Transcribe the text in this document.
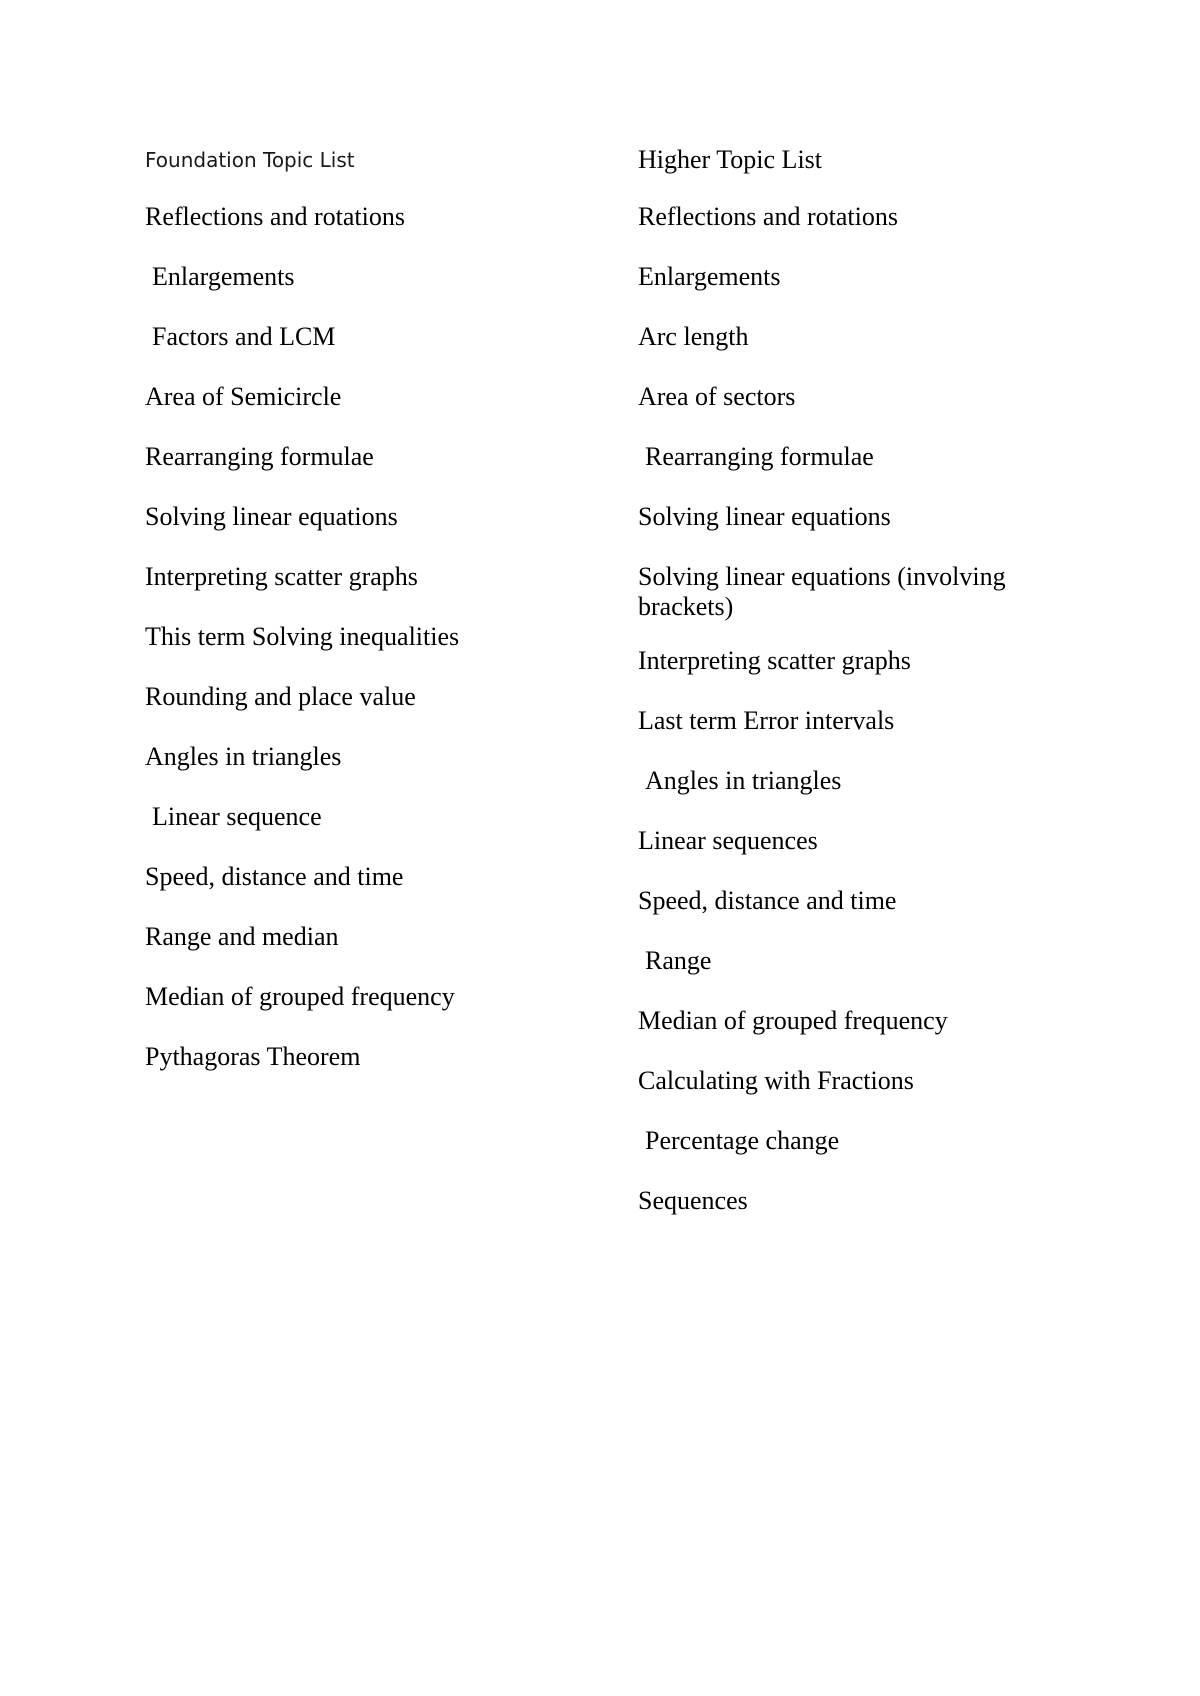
Foundation Topic List
Reflections and rotations
Enlargements
Factors and LCM
Area of Semicircle
Rearranging formulae
Solving linear equations
Interpreting scatter graphs
This term Solving inequalities
Rounding and place value
Angles in triangles
Linear sequence
Speed, distance and time
Range and median
Median of grouped frequency
Pythagoras Theorem
Higher Topic List
Reflections and rotations
Enlargements
Arc length
Area of sectors
Rearranging formulae
Solving linear equations
Solving linear equations (involving brackets)
Interpreting scatter graphs
Last term Error intervals
Angles in triangles
Linear sequences
Speed, distance and time
Range
Median of grouped frequency
Calculating with Fractions
Percentage change
Sequences
